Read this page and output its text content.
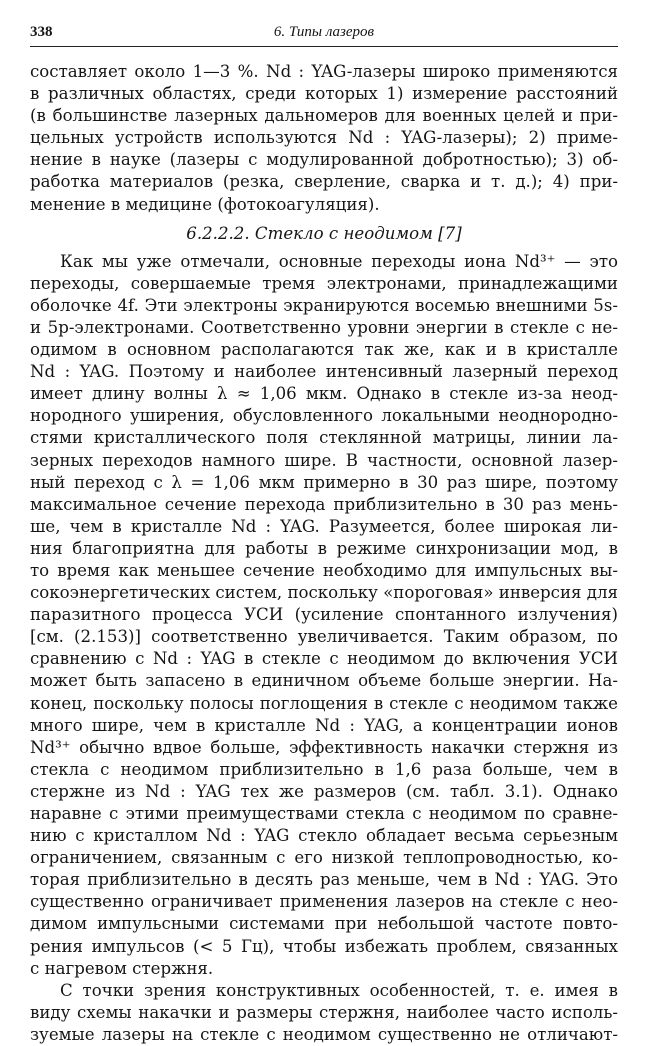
338	6. Типы лазеров
составляет около 1—3 %. Nd : YAG-лазеры широко применяются
в различных областях, среди которых 1) измерение расстояний
(в большинстве лазерных дальномеров для военных целей и при-
цельных устройств используются Nd : YAG-лазеры); 2) приме-
нение в науке (лазеры с модулированной добротностью); 3) об-
работка материалов (резка, сверление, сварка и т. д.); 4) при-
менение в медицине (фотокоагуляция).
6.2.2.2. Стекло с неодимом [7]
Как мы уже отмечали, основные переходы иона Nd³⁺ — это
переходы, совершаемые тремя электронами, принадлежащими
оболочке 4f. Эти электроны экранируются восемью внешними 5s-
и 5p-электронами. Соответственно уровни энергии в стекле с не-
одимом в основном располагаются так же, как и в кристалле
Nd : YAG. Поэтому и наиболее интенсивный лазерный переход
имеет длину волны λ ≈ 1,06 мкм. Однако в стекле из-за неод-
нородного уширения, обусловленного локальными неоднородно-
стями кристаллического поля стеклянной матрицы, линии ла-
зерных переходов намного шире. В частности, основной лазер-
ный переход с λ = 1,06 мкм примерно в 30 раз шире, поэтому
максимальное сечение перехода приблизительно в 30 раз мень-
ше, чем в кристалле Nd : YAG. Разумеется, более широкая ли-
ния благоприятна для работы в режиме синхронизации мод, в
то время как меньшее сечение необходимо для импульсных вы-
сокоэнергетических систем, поскольку «пороговая» инверсия для
паразитного процесса УСИ (усиление спонтанного излучения)
[см. (2.153)] соответственно увеличивается. Таким образом, по
сравнению с Nd : YAG в стекле с неодимом до включения УСИ
может быть запасено в единичном объеме больше энергии. На-
конец, поскольку полосы поглощения в стекле с неодимом также
много шире, чем в кристалле Nd : YAG, а концентрации ионов
Nd³⁺ обычно вдвое больше, эффективность накачки стержня из
стекла с неодимом приблизительно в 1,6 раза больше, чем в
стержне из Nd : YAG тех же размеров (см. табл. 3.1). Однако
наравне с этими преимуществами стекла с неодимом по сравне-
нию с кристаллом Nd : YAG стекло обладает весьма серьезным
ограничением, связанным с его низкой теплопроводностью, ко-
торая приблизительно в десять раз меньше, чем в Nd : YAG. Это
существенно ограничивает применения лазеров на стекле с нео-
димом импульсными системами при небольшой частоте повто-
рения импульсов (< 5 Гц), чтобы избежать проблем, связанных
с нагревом стержня.
С точки зрения конструктивных особенностей, т. е. имея в
виду схемы накачки и размеры стержня, наиболее часто исполь-
зуемые лазеры на стекле с неодимом существенно не отличают-
